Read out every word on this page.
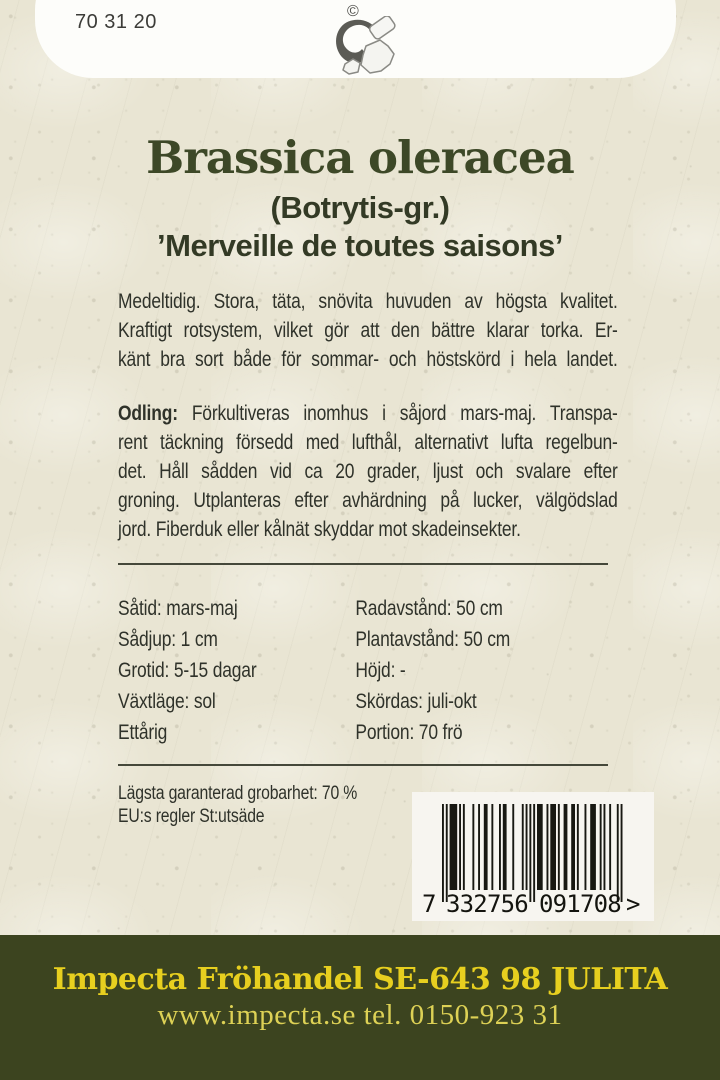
70 31 20	©
Brassica oleracea
(Botrytis-gr.)
’Merveille de toutes saisons’
Medeltidig. Stora, täta, snövita huvuden av högsta kvalitet.
Kraftigt rotsystem, vilket gör att den bättre klarar torka. Er-
känt bra sort både för sommar- och höstskörd i hela landet.
Odling: Förkultiveras inomhus i såjord mars-maj. Transpa-
rent täckning försedd med lufthål, alternativt lufta regelbun-
det. Håll sådden vid ca 20 grader, ljust och svalare efter
groning. Utplanteras efter avhärdning på lucker, välgödslad
jord. Fiberduk eller kålnät skyddar mot skadeinsekter.
Såtid: mars-maj
Sådjup: 1 cm
Grotid: 5-15 dagar
Växtläge: sol
Ettårig
Radavstånd: 50 cm
Plantavstånd: 50 cm
Höjd: -
Skördas: juli-okt
Portion: 70 frö
Lägsta garanterad grobarhet: 70 %
EU:s regler St:utsäde
7 332756 091708 >
Impecta Fröhandel SE-643 98 JULITA
www.impecta.se tel. 0150-923 31
